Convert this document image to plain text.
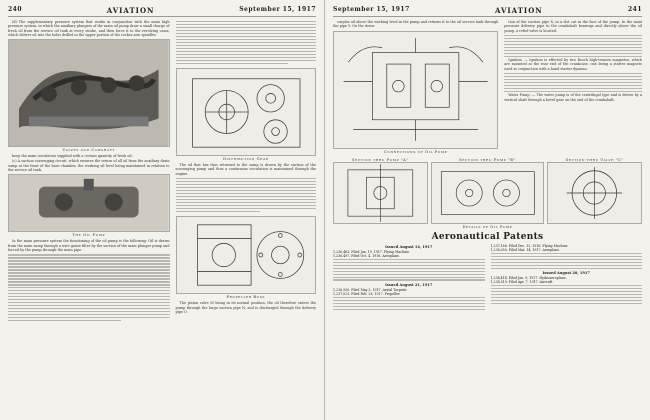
240	AVIATION	September 15, 1917

(d) The supplementary pressure system that works in conjunction with the main high pressure system, in which the auxiliary plungers of the main oil pump draw a small charge of fresh oil from the service oil tank at every stroke, and then force it to the revolving cams, which deliver oil into the holes drilled in the upper portion of the rocker arm spindles.

Valves and Camshaft

keep the main circulation supplied with a certain quantity of fresh oil.

(c) A suction scavenging circuit, which ensures the return of all oil from the auxiliary drain sump at the front of the base chamber, the working oil level being maintained in relation to the service oil tank.

The Oil Pump

In the main pressure system the functioning of the oil pump is the following: Oil is drawn from the main sump through a wire gauze filter by the suction of the main plunger pump and forced by the pump through the main pipe.

Distribution Gear

The oil that has thus returned to the sump is drawn by the suction of the scavenging pump and thus a continuous circulation is maintained through the engine.

Propeller Boss

The piston valve M being in its normal position, the oil therefore enters the pump through the large suction pipe N, and is discharged through the delivery pipe O.

September 15, 1917	AVIATION	241

surplus oil above the working level in the pump and returns it to the oil service tank through the pipe Y. On the down-

Connections of Oil Pump

tion of the suction pipe X, in a slot cut in the face of the pump. In the main pressure delivery pipe to the crankshaft bearings and directly above the oil pump, a relief valve is located.

Ignition. — Ignition is effected by two Bosch high-tension magnetos, which are mounted at the rear end of the crankcase, one being a starter magneto used in conjunction with a hand starter dynamo.

Water Pump. — The water pump is of the centrifugal type and is driven by a vertical shaft through a bevel gear on the end of the crankshaft.

Section thru Pump "A"	Section thru Pump "B"	Section thru Valve "C"
Details of Oil Pump
Aeronautical Patents
Issued August 14, 1917
1,236,463. Filed Jan. 19, 1917. Flying Machine.
1,236,497. Filed Oct. 4, 1916. Aeroplane.
Issued August 21, 1917
1,236,550. Filed May 3, 1917. Aerial Torpedo.
1,237,021. Filed Feb. 28, 1917. Propeller.
1,237,166. Filed Dec. 12, 1916. Flying Machine.
1,238,050. Filed Mar. 14, 1917. Aeroplane.
Issued August 28, 1917
1,238,414. Filed Jan. 9, 1917. Hydroaeroplane.
1,238,519. Filed Apr. 7, 1917. Aircraft.
